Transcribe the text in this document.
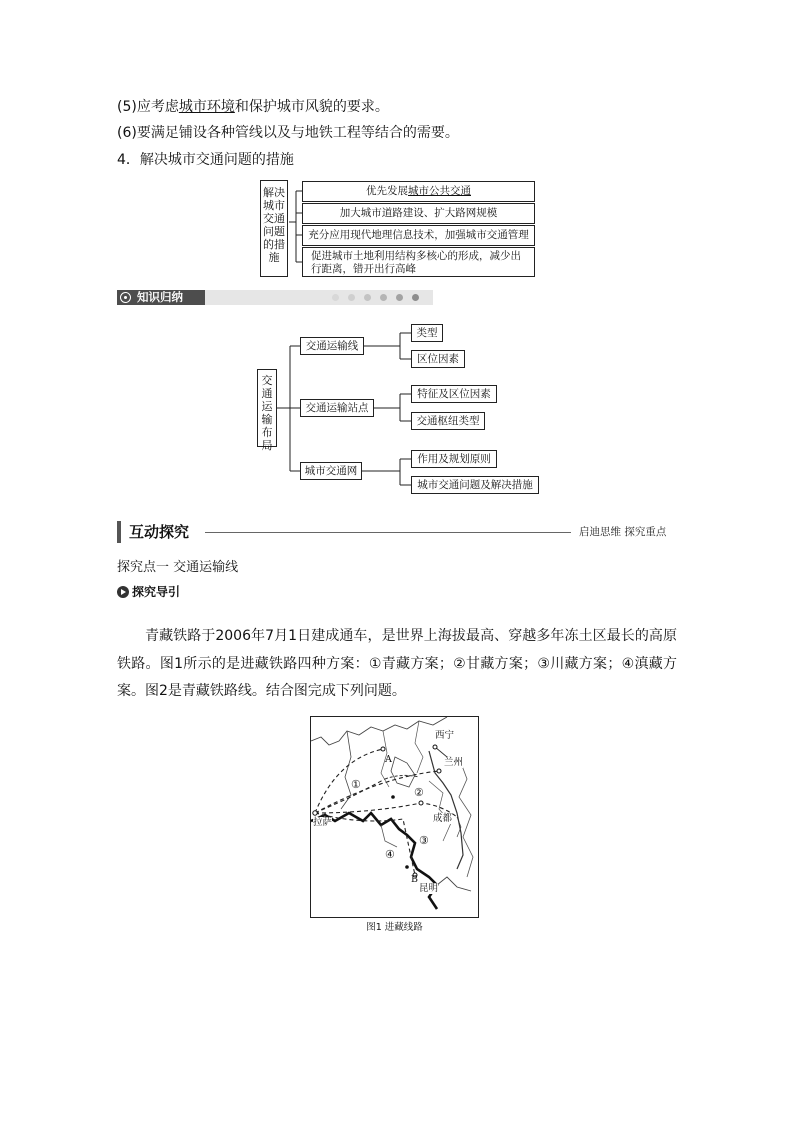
(5)应考虑城市环境和保护城市风貌的要求。
(6)要满足铺设各种管线以及与地铁工程等结合的需要。
4．解决城市交通问题的措施
解决城市交通问题的措施
优先发展城市公共交通
加大城市道路建设、扩大路网规模
充分应用现代地理信息技术，加强城市交通管理
促进城市土地利用结构多核心的形成，减少出行距离，错开出行高峰
知识归纳
交通运输布局
交通运输线
交通运输站点
城市交通网
类型
区位因素
特征及区位因素
交通枢纽类型
作用及规划原则
城市交通问题及解决措施
互动探究	启迪思维 探究重点
探究点一 交通运输线
探究导引
青藏铁路于2006年7月1日建成通车，是世界上海拔最高、穿越多年冻土区最长的高原铁路。图1所示的是进藏铁路四种方案：①青藏方案；②甘藏方案；③川藏方案；④滇藏方案。图2是青藏铁路线。结合图完成下列问题。
西宁
兰州
成都
拉萨
昆明
A
B
①
②
③
④
图1 进藏线路
